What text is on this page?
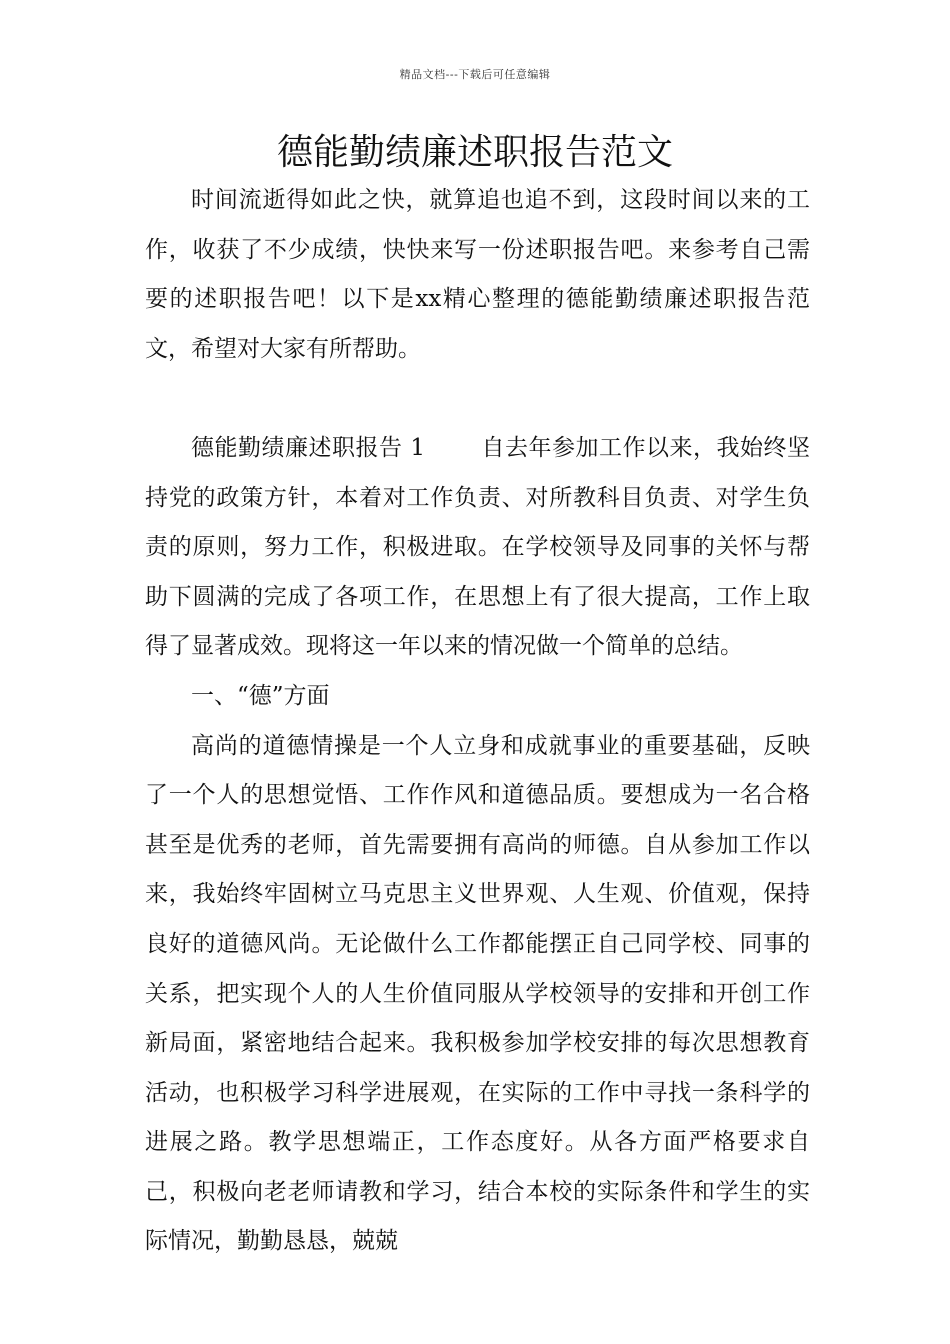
精品文档---下载后可任意编辑
德能勤绩廉述职报告范文

时间流逝得如此之快，就算追也追不到，这段时间以来的工作，收获了不少成绩，快快来写一份述职报告吧。来参考自己需要的述职报告吧！以下是xx精心整理的德能勤绩廉述职报告范文，希望对大家有所帮助。

德能勤绩廉述职报告 1 自去年参加工作以来，我始终坚持党的政策方针，本着对工作负责、对所教科目负责、对学生负责的原则，努力工作，积极进取。在学校领导及同事的关怀与帮助下圆满的完成了各项工作，在思想上有了很大提高，工作上取得了显著成效。现将这一年以来的情况做一个简单的总结。

一、“德”方面

高尚的道德情操是一个人立身和成就事业的重要基础，反映了一个人的思想觉悟、工作作风和道德品质。要想成为一名合格甚至是优秀的老师，首先需要拥有高尚的师德。自从参加工作以来，我始终牢固树立马克思主义世界观、人生观、价值观，保持良好的道德风尚。无论做什么工作都能摆正自己同学校、同事的关系，把实现个人的人生价值同服从学校领导的安排和开创工作新局面，紧密地结合起来。我积极参加学校安排的每次思想教育活动，也积极学习科学进展观，在实际的工作中寻找一条科学的进展之路。教学思想端正，工作态度好。从各方面严格要求自己，积极向老老师请教和学习，结合本校的实际条件和学生的实际情况，勤勤恳恳，兢兢
